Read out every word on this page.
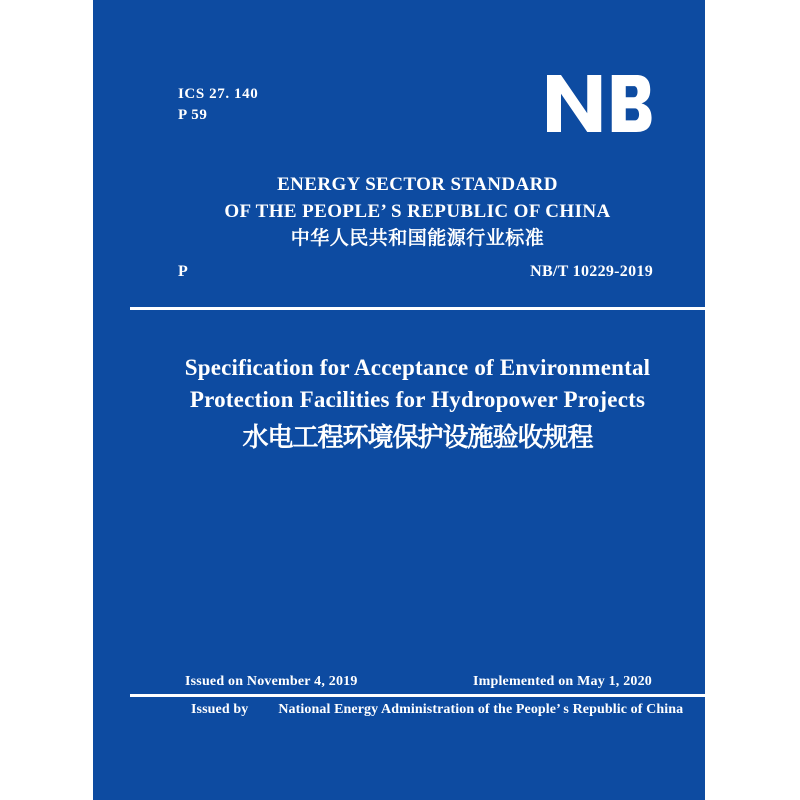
ICS 27. 140
P 59
ENERGY SECTOR STANDARD
OF THE PEOPLE’ S REPUBLIC OF CHINA
中华人民共和国能源行业标准
P	NB/T 10229-2019
Specification for Acceptance of Environmental
Protection Facilities for Hydropower Projects
水电工程环境保护设施验收规程
Issued on November 4, 2019	Implemented on May 1, 2020
Issued by National Energy Administration of the People’ s Republic of China
